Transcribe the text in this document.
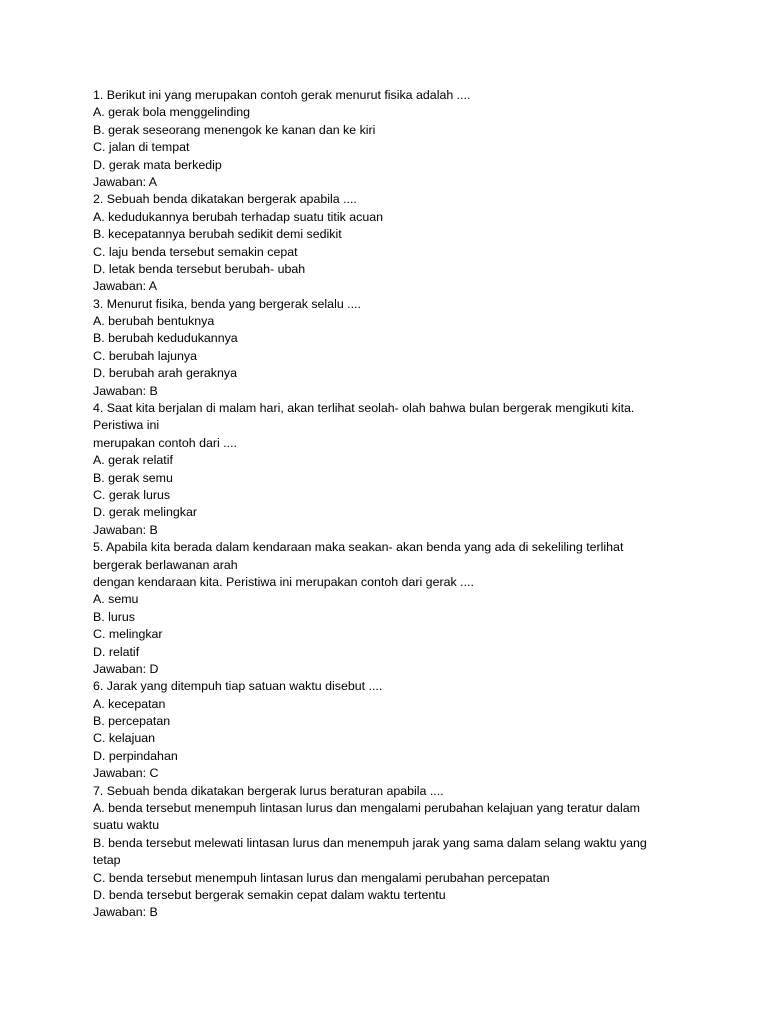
1. Berikut ini yang merupakan contoh gerak menurut fisika adalah ....
A. gerak bola menggelinding
B. gerak seseorang menengok ke kanan dan ke kiri
C. jalan di tempat
D. gerak mata berkedip
Jawaban: A
2. Sebuah benda dikatakan bergerak apabila ....
A. kedudukannya berubah terhadap suatu titik acuan
B. kecepatannya berubah sedikit demi sedikit
C. laju benda tersebut semakin cepat
D. letak benda tersebut berubah- ubah
Jawaban: A
3. Menurut fisika, benda yang bergerak selalu ....
A. berubah bentuknya
B. berubah kedudukannya
C. berubah lajunya
D. berubah arah geraknya
Jawaban: B
4. Saat kita berjalan di malam hari, akan terlihat seolah- olah bahwa bulan bergerak mengikuti kita.
Peristiwa ini
merupakan contoh dari ....
A. gerak relatif
B. gerak semu
C. gerak lurus
D. gerak melingkar
Jawaban: B
5. Apabila kita berada dalam kendaraan maka seakan- akan benda yang ada di sekeliling terlihat
bergerak berlawanan arah
dengan kendaraan kita. Peristiwa ini merupakan contoh dari gerak ....
A. semu
B. lurus
C. melingkar
D. relatif
Jawaban: D
6. Jarak yang ditempuh tiap satuan waktu disebut ....
A. kecepatan
B. percepatan
C. kelajuan
D. perpindahan
Jawaban: C
7. Sebuah benda dikatakan bergerak lurus beraturan apabila ....
A. benda tersebut menempuh lintasan lurus dan mengalami perubahan kelajuan yang teratur dalam
suatu waktu
B. benda tersebut melewati lintasan lurus dan menempuh jarak yang sama dalam selang waktu yang
tetap
C. benda tersebut menempuh lintasan lurus dan mengalami perubahan percepatan
D. benda tersebut bergerak semakin cepat dalam waktu tertentu
Jawaban: B
